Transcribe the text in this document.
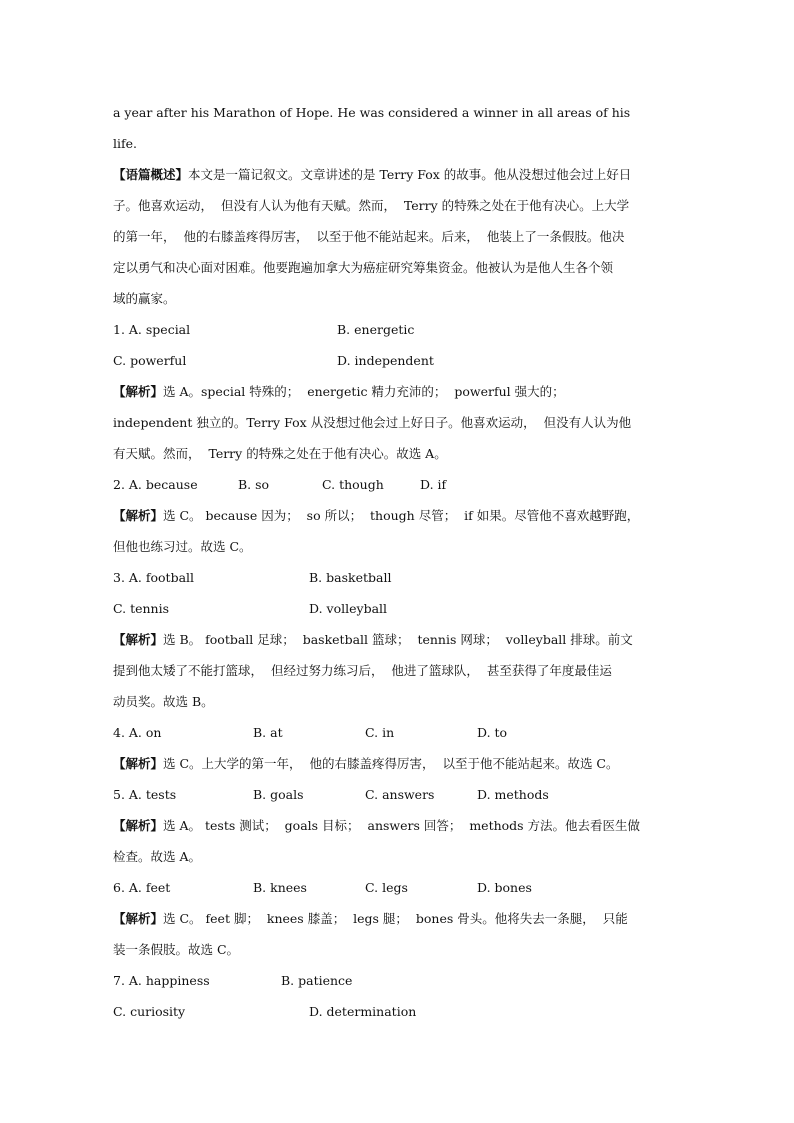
a year after his Marathon of Hope. He was considered a winner in all areas of his
life.
【语篇概述】本文是一篇记叙文。文章讲述的是 Terry Fox 的故事。他从没想过他会过上好日
子。他喜欢运动，  但没有人认为他有天赋。然而，  Terry 的特殊之处在于他有决心。上大学
的第一年，  他的右膝盖疼得厉害，  以至于他不能站起来。后来，  他装上了一条假肢。他决
定以勇气和决心面对困难。他要跑遍加拿大为癌症研究筹集资金。他被认为是他人生各个领
域的赢家。
1. A. special	B. energetic
C. powerful	D. independent
【解析】选 A。special 特殊的；  energetic 精力充沛的；  powerful 强大的；
independent 独立的。Terry Fox 从没想过他会过上好日子。他喜欢运动，  但没有人认为他
有天赋。然而，  Terry 的特殊之处在于他有决心。故选 A。
2. A. because	B. so	C. though	D. if
【解析】选 C。 because 因为；  so 所以；  though 尽管；  if 如果。尽管他不喜欢越野跑，
但他也练习过。故选 C。
3. A. football	B. basketball
C. tennis	D. volleyball
【解析】选 B。 football 足球；  basketball 篮球；  tennis 网球；  volleyball 排球。前文
提到他太矮了不能打篮球，  但经过努力练习后，  他进了篮球队，  甚至获得了年度最佳运
动员奖。故选 B。
4. A. on	B. at	C. in	D. to
【解析】选 C。上大学的第一年，  他的右膝盖疼得厉害，  以至于他不能站起来。故选 C。
5. A. tests	B. goals	C. answers	D. methods
【解析】选 A。 tests 测试；  goals 目标；  answers 回答；  methods 方法。他去看医生做
检查。故选 A。
6. A. feet	B. knees	C. legs	D. bones
【解析】选 C。 feet 脚；  knees 膝盖；  legs 腿；  bones 骨头。他将失去一条腿，  只能
装一条假肢。故选 C。
7. A. happiness	B. patience
C. curiosity	D. determination
